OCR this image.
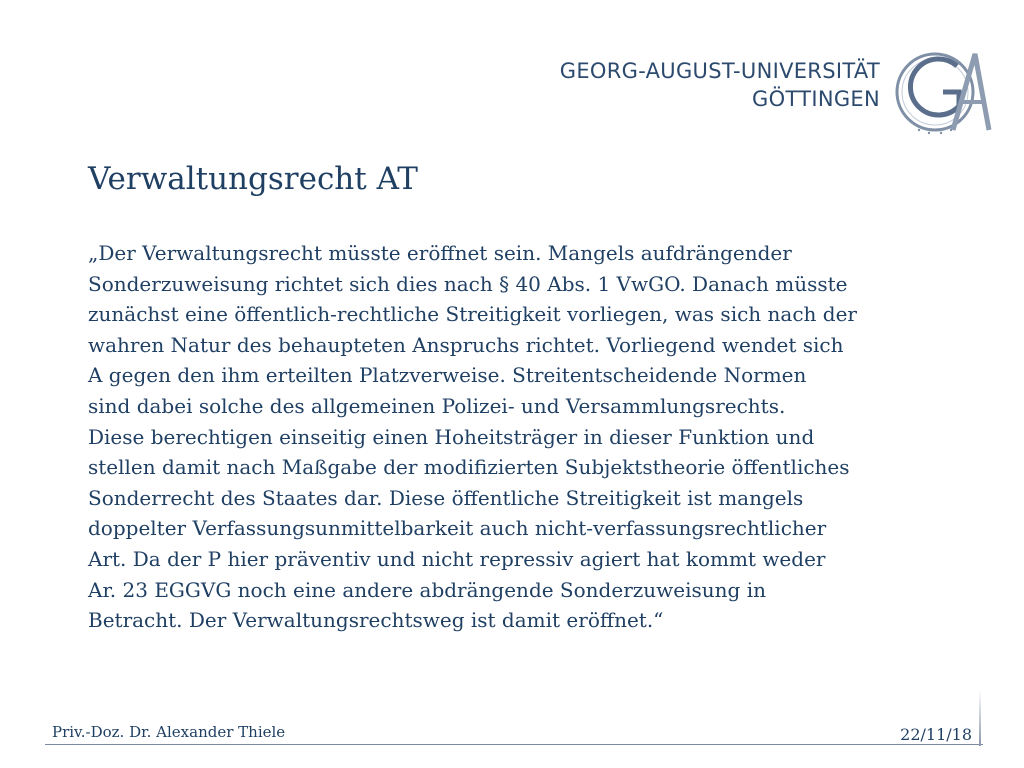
GEORG-AUGUST-UNIVERSITÄT
GÖTTINGEN
Verwaltungsrecht AT
„Der Verwaltungsrecht müsste eröffnet sein. Mangels aufdrängender
Sonderzuweisung richtet sich dies nach § 40 Abs. 1 VwGO. Danach müsste
zunächst eine öffentlich-rechtliche Streitigkeit vorliegen, was sich nach der
wahren Natur des behaupteten Anspruchs richtet. Vorliegend wendet sich
A gegen den ihm erteilten Platzverweise. Streitentscheidende Normen
sind dabei solche des allgemeinen Polizei- und Versammlungsrechts.
Diese berechtigen einseitig einen Hoheitsträger in dieser Funktion und
stellen damit nach Maßgabe der modifizierten Subjektstheorie öffentliches
Sonderrecht des Staates dar. Diese öffentliche Streitigkeit ist mangels
doppelter Verfassungsunmittelbarkeit auch nicht-verfassungsrechtlicher
Art. Da der P hier präventiv und nicht repressiv agiert hat kommt weder
Ar. 23 EGGVG noch eine andere abdrängende Sonderzuweisung in
Betracht. Der Verwaltungsrechtsweg ist damit eröffnet.“
Priv.-Doz. Dr. Alexander Thiele	22/11/18
